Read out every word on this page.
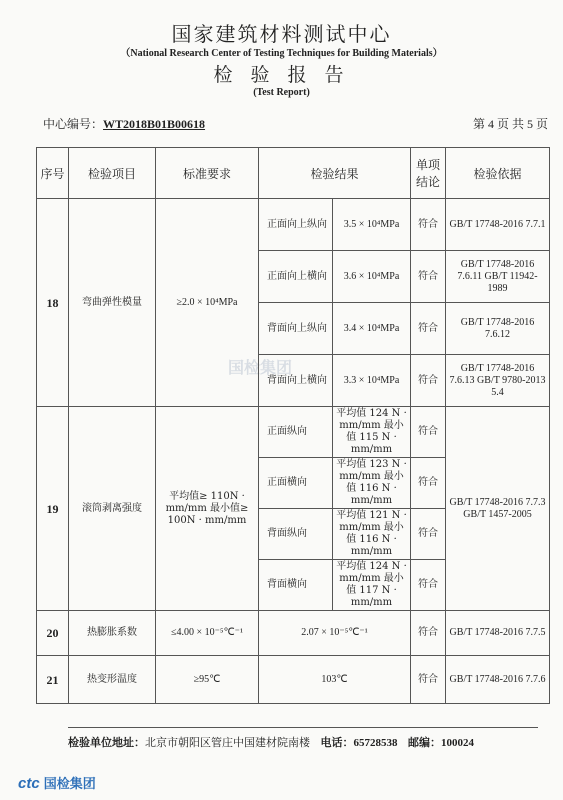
国家建筑材料测试中心
（National Research Center of Testing Techniques for Building Materials）
检 验 报 告
(Test Report)
中心编号：WT2018B01B00618	第 4 页 共 5 页
国检集团
序号	检验项目	标准要求	检验结果		单项结论	检验依据
18	弯曲弹性模量	≥2.0 × 10⁴MPa	正面向上纵向	3.5 × 10⁴MPa	符合	GB/T 17748-2016 7.7.1
			正面向上横向	3.6 × 10⁴MPa	符合	GB/T 17748-2016 7.6.11 GB/T 11942-1989
			背面向上纵向	3.4 × 10⁴MPa	符合	GB/T 17748-2016 7.6.12
			背面向上横向	3.3 × 10⁴MPa	符合	GB/T 17748-2016 7.6.13 GB/T 9780-2013 5.4
19	滚筒剥离强度	平均值≥ 110N · mm/mm 最小值≥ 100N · mm/mm	正面纵向	平均值 124 N · mm/mm 最小值 115 N · mm/mm	符合	GB/T 17748-2016 7.7.3 GB/T 1457-2005
			正面横向	平均值 123 N · mm/mm 最小值 116 N · mm/mm	符合	
			背面纵向	平均值 121 N · mm/mm 最小值 116 N · mm/mm	符合	
			背面横向	平均值 124 N · mm/mm 最小值 117 N · mm/mm	符合	
20	热膨胀系数	≤4.00 × 10⁻⁵℃⁻¹	2.07 × 10⁻⁵℃⁻¹		符合	GB/T 17748-2016 7.7.5
21	热变形温度	≥95℃	103℃		符合	GB/T 17748-2016 7.7.6
检验单位地址：北京市朝阳区管庄中国建材院南楼 电话：65728538 邮编：100024
ctc 国检集团
